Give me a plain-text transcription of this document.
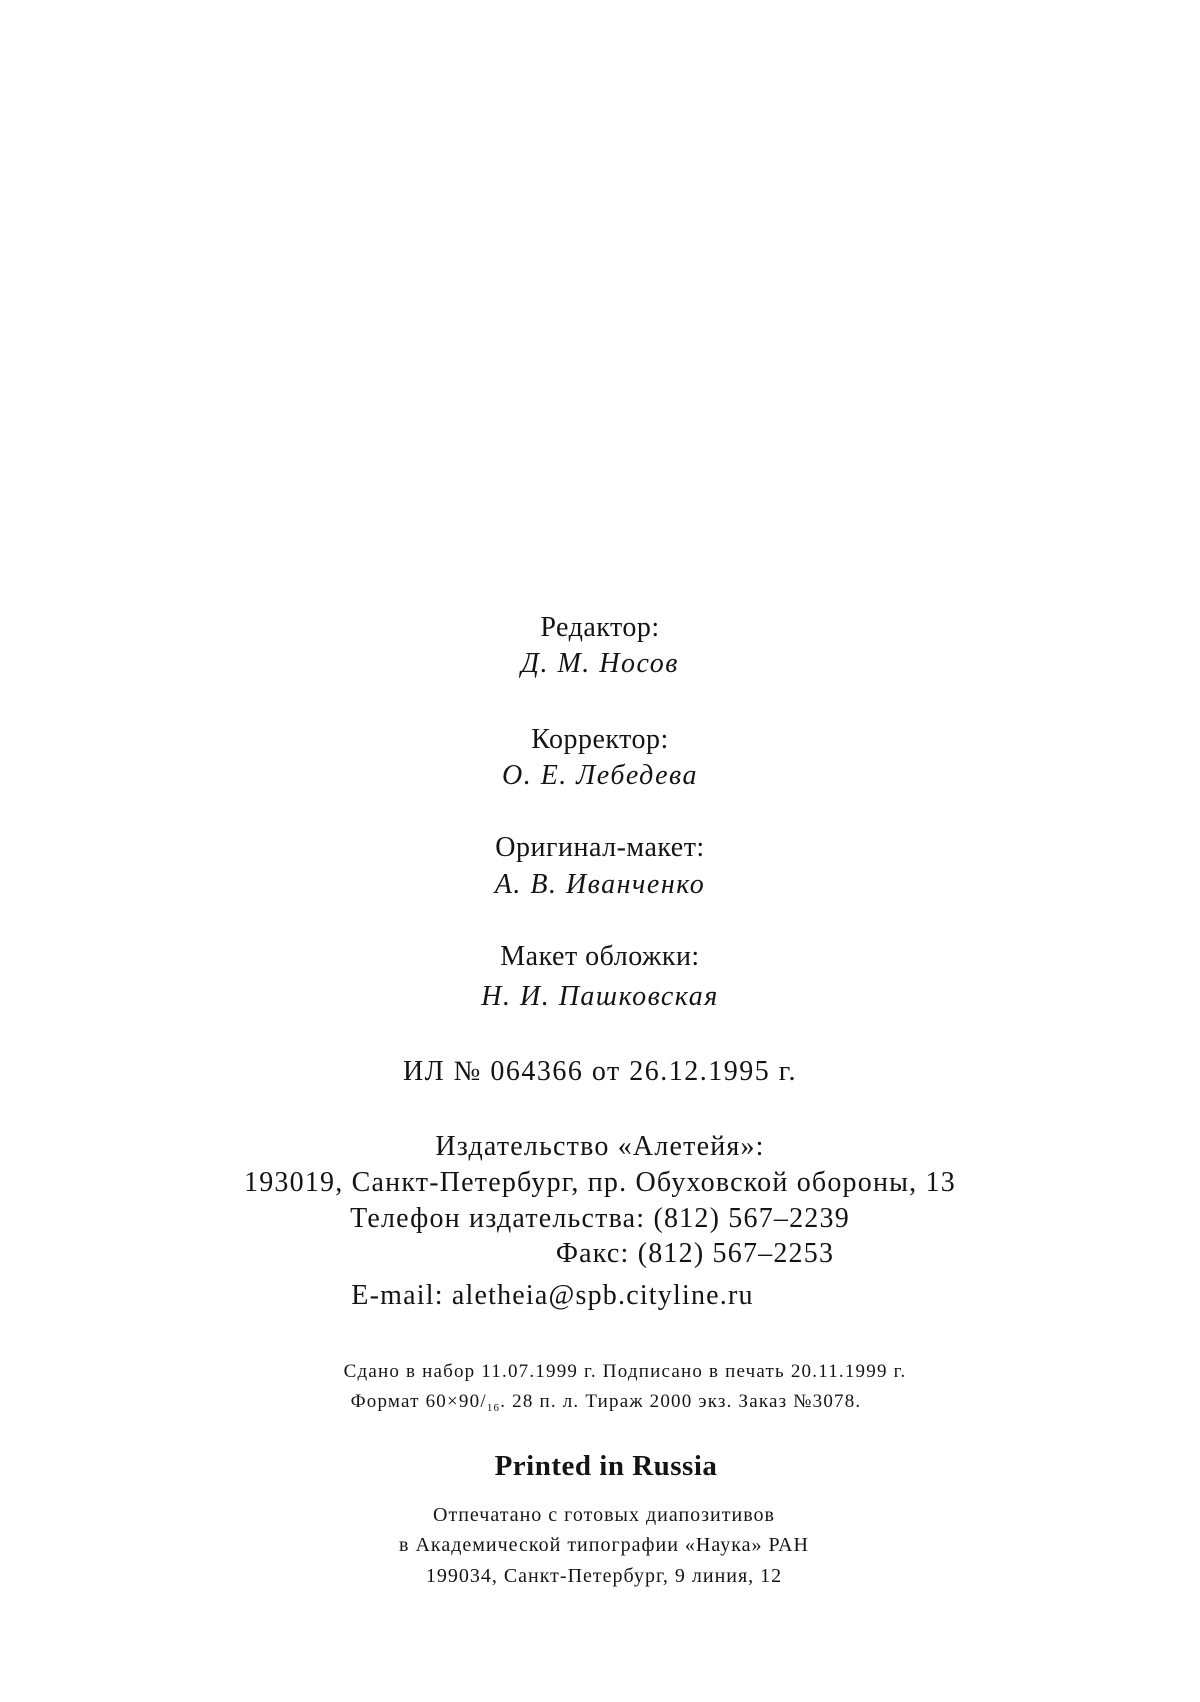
Редактор:
Д. М. Носов
Корректор:
О. Е. Лебедева
Оригинал-макет:
А. В. Иванченко
Макет обложки:
Н. И. Пашковская
ИЛ № 064366 от 26.12.1995 г.
Издательство «Алетейя»:
193019, Санкт-Петербург, пр. Обуховской обороны, 13
Телефон издательства: (812) 567–2239
Факс: (812) 567–2253
E-mail: aletheia@spb.cityline.ru
Сдано в набор 11.07.1999 г. Подписано в печать 20.11.1999 г.
Формат $60\times 90/_{16}$. 28 п. л. Тираж 2000 экз. Заказ №3078.
Printed in Russia
Отпечатано с готовых диапозитивов
в Академической типографии «Наука» РАН
199034, Санкт-Петербург, 9 линия, 12
